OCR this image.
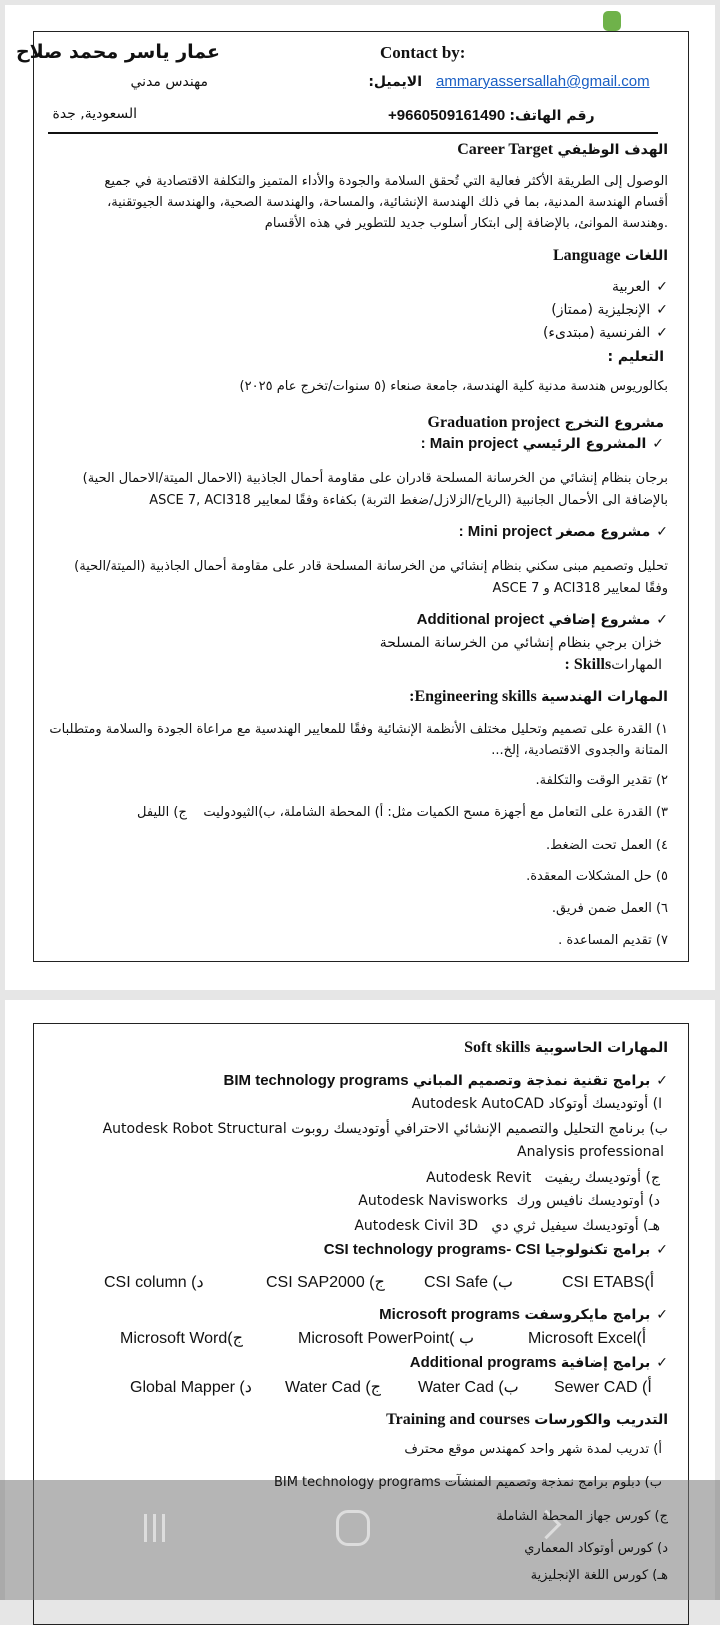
عمار ياسر محمد صلاح	Contact by:
مهندس مدني	:الايميل ammaryassersallah@gmail.com
السعودية, جدة	+9660509161490 :رقم الهاتف
الهدف الوظيفي Career Target
الوصول إلى الطريقة الأكثر فعالية التي تُحقق السلامة والجودة والأداء المتميز والتكلفة الاقتصادية في جميع
أقسام الهندسة المدنية، بما في ذلك الهندسة الإنشائية، والمساحة، والهندسة الصحية، والهندسة الجيوتقنية،
.وهندسة الموانئ، بالإضافة إلى ابتكار أسلوب جديد للتطوير في هذه الأقسام
اللغات Language
✓العربية
✓الإنجليزية (ممتاز)
✓الفرنسية (مبتدىء)
التعليم :
بكالوريوس هندسة مدنية كلية الهندسة، جامعة صنعاء (٥ سنوات/تخرج عام ٢٠٢٥)
مشروع التخرج Graduation project
✓المشروع الرئيسي Main project :
برجان بنظام إنشائي من الخرسانة المسلحة قادران على مقاومة أحمال الجاذبية (الاحمال الميتة/الاحمال الحية)
بالإضافة الى الأحمال الجانبية (الرياح/الزلازل/ضغط التربة) بكفاءة وفقًا لمعايير ASCE 7, ACI318
✓مشروع مصغر Mini project :
تحليل وتصميم مبنى سكني بنظام إنشائي من الخرسانة المسلحة قادر على مقاومة أحمال الجاذبية (الميتة/الحية)
وفقًا لمعايير ACI318 و ASCE 7
✓مشروع إضافي Additional project
خزان برجي بنظام إنشائي من الخرسانة المسلحة
المهاراتSkills :
المهارات الهندسية Engineering skills:
١) القدرة على تصميم وتحليل مختلف الأنظمة الإنشائية وفقًا للمعايير الهندسية مع مراعاة الجودة والسلامة ومتطلبات
المتانة والجدوى الاقتصادية، إلخ...
٢) تقدير الوقت والتكلفة.
٣) القدرة على التعامل مع أجهزة مسح الكميات مثل: أ) المحطة الشاملة، ب)الثيودوليت    ج) الليفل
٤) العمل تحت الضغط.
٥) حل المشكلات المعقدة.
٦) العمل ضمن فريق.
٧) تقديم المساعدة .
المهارات الحاسوبية Soft skills
✓برامج تقنية نمذجة وتصميم المباني BIM technology programs
ا) أوتوديسك أوتوكاد Autodesk AutoCAD
ب) برنامج التحليل والتصميم الإنشائي الاحترافي أوتوديسك روبوت Autodesk Robot Structural
Analysis professional
ج) أوتوديسك ريفيت   Autodesk Revit
د) أوتوديسك نافيس ورك  Autodesk Navisworks
هـ) أوتوديسك سيفيل ثري دي   Autodesk Civil 3D
✓برامج تكنولوجيا CSI technology programs- CSI
CSI ETABS(أ
CSI Safe (ب
CSI SAP2000 (ج
CSI column (د
✓برامج مايكروسفت Microsoft programs
Microsoft Excel(أ
Microsoft PowerPoint( ب
Microsoft Word(ج
✓برامج إضافية Additional programs
Sewer CAD (أ
Water Cad (ب
Water Cad (ج
Global Mapper (د
التدريب والكورسات Training and courses
أ) تدريب لمدة شهر واحد كمهندس موقع محترف
ب) دبلوم برامج نمذجة وتصميم المنشآت BIM technology programs
ج) كورس جهاز المحطة الشاملة
د) كورس أوتوكاد المعماري
هـ) كورس اللغة الإنجليزية
